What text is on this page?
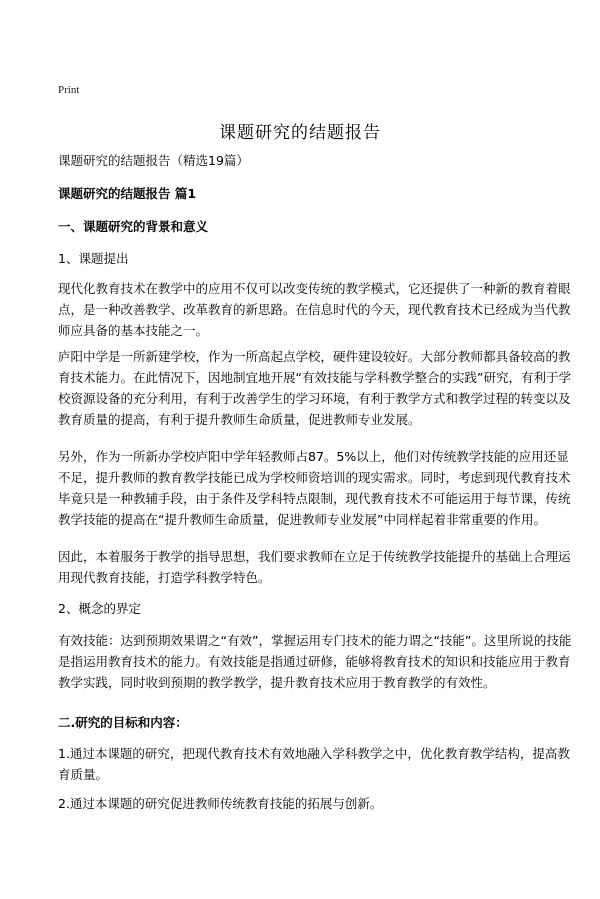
Print
课题研究的结题报告

课题研究的结题报告（精选19篇）

课题研究的结题报告 篇1

一、课题研究的背景和意义

1、课题提出

现代化教育技术在教学中的应用不仅可以改变传统的教学模式，它还提供了一种新的教育着眼点，是一种改善教学、改革教育的新思路。在信息时代的今天，现代教育技术已经成为当代教师应具备的基本技能之一。

庐阳中学是一所新建学校，作为一所高起点学校，硬件建设较好。大部分教师都具备较高的教育技术能力。在此情况下，因地制宜地开展“有效技能与学科教学整合的实践”研究，有利于学校资源设备的充分利用，有利于改善学生的学习环境，有利于教学方式和教学过程的转变以及教育质量的提高，有利于提升教师生命质量，促进教师专业发展。

另外，作为一所新办学校庐阳中学年轻教师占87。5%以上，他们对传统教学技能的应用还显不足，提升教师的教育教学技能已成为学校师资培训的现实需求。同时，考虑到现代教育技术毕竟只是一种教辅手段，由于条件及学科特点限制，现代教育技术不可能运用于每节课，传统教学技能的提高在“提升教师生命质量，促进教师专业发展”中同样起着非常重要的作用。

因此，本着服务于教学的指导思想，我们要求教师在立足于传统教学技能提升的基础上合理运用现代教育技能，打造学科教学特色。

2、概念的界定

有效技能：达到预期效果谓之“有效”，掌握运用专门技术的能力谓之“技能”。这里所说的技能是指运用教育技术的能力。有效技能是指通过研修，能够将教育技术的知识和技能应用于教育教学实践，同时收到预期的教学教学，提升教育技术应用于教育教学的有效性。

二.研究的目标和内容：

1.通过本课题的研究，把现代教育技术有效地融入学科教学之中，优化教育教学结构，提高教育质量。

2.通过本课题的研究促进教师传统教育技能的拓展与创新。
